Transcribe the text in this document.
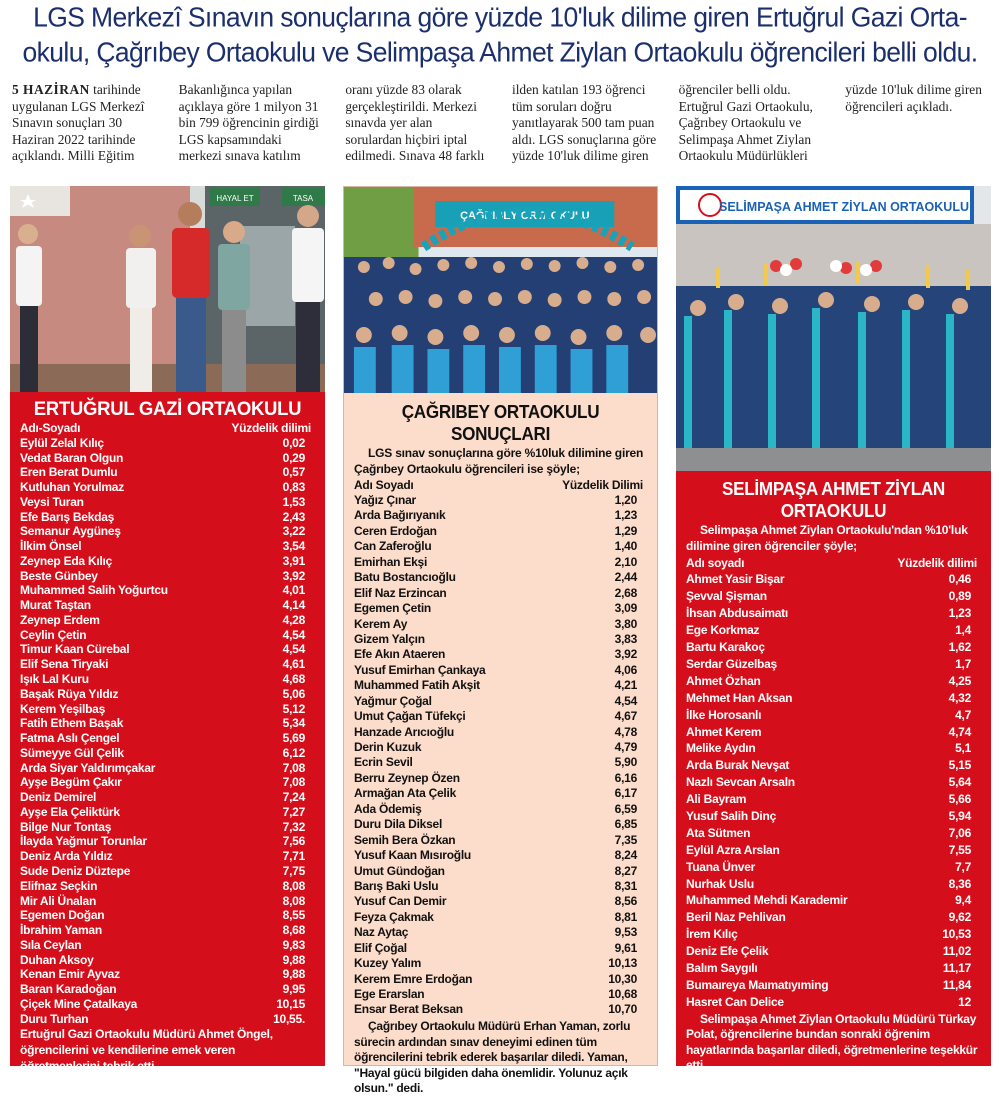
LGS Merkezî Sınavın sonuçlarına göre yüzde 10'luk dilime giren Ertuğrul Gazi Orta-okulu, Çağrıbey Ortaokulu ve Selimpaşa Ahmet Ziylan Ortaokulu öğrencileri belli oldu.
5 HAZİRAN tarihinde uygulanan LGS Merkezî Sınavın sonuçları 30 Haziran 2022 tarihinde açıklandı. Milli Eğitim Bakanlığınca yapılan açıklaya göre 1 milyon 31 bin 799 öğrencinin girdiği LGS kapsamındaki merkezi sınava katılım oranı yüzde 83 olarak gerçekleştirildi. Merkezi sınavda yer alan sorulardan hiçbiri iptal edilmedi. Sınava 48 farklı ilden katılan 193 öğrenci tüm soruları doğru yanıtlayarak 500 tam puan aldı. LGS sonuçlarına göre yüzde 10'luk dilime giren öğrenciler belli oldu. Ertuğrul Gazi Ortaokulu, Çağrıbey Ortaokulu ve Selimpaşa Ahmet Ziylan Ortaokulu Müdürlükleri yüzde 10'luk dilime giren öğrencileri açıkladı.
HAYAL ET	TASA
ERTUĞRUL GAZİ ORTAOKULU
Adı-Soyadı	Yüzdelik dilimi
Eylül Zelal Kılıç	0,02
Vedat Baran Olgun	0,29
Eren Berat Dumlu	0,57
Kutluhan Yorulmaz	0,83
Veysi Turan	1,53
Efe Barış Bekdaş	2,43
Semanur Aygüneş	3,22
İlkim Önsel	3,54
Zeynep Eda Kılıç	3,91
Beste Günbey	3,92
Muhammed Salih Yoğurtcu	4,01
Murat Taştan	4,14
Zeynep Erdem	4,28
Ceylin Çetin	4,54
Timur Kaan Cürebal	4,54
Elif Sena Tiryaki	4,61
Işık Lal Kuru	4,68
Başak Rüya Yıldız	5,06
Kerem Yeşilbaş	5,12
Fatih Ethem Başak	5,34
Fatma Aslı Çengel	5,69
Sümeyye Gül Çelik	6,12
Arda Siyar Yaldırımçakar	7,08
Ayşe Begüm Çakır	7,08
Deniz Demirel	7,24
Ayşe Ela Çeliktürk	7,27
Bilge Nur Tontaş	7,32
İlayda Yağmur Torunlar	7,56
Deniz Arda Yıldız	7,71
Sude Deniz Düztepe	7,75
Elifnaz Seçkin	8,08
Mir Ali Ünalan	8,08
Egemen Doğan	8,55
İbrahim Yaman	8,68
Sıla Ceylan	9,83
Duhan Aksoy	9,88
Kenan Emir Ayvaz	9,88
Baran Karadoğan	9,95
Çiçek Mine Çatalkaya	10,15
Duru Turhan	10,55.
Ertuğrul Gazi Ortaokulu Müdürü Ahmet Öngel, öğrencilerini ve kendilerine emek veren öğretmenlerini tebrik etti.
ÇAĞRIBEY ORTAOKULU
ÇAĞRIBEY ORTAOKULU SONUÇLARI
LGS sınav sonuçlarına göre %10luk dilimine giren Çağrıbey Ortaokulu öğrencileri ise şöyle;
Adı Soyadı	Yüzdelik Dilimi
Yağız Çınar	1,20
Arda Bağırıyanık	1,23
Ceren Erdoğan	1,29
Can Zaferoğlu	1,40
Emirhan Ekşi	2,10
Batu Bostancıoğlu	2,44
Elif Naz Erzincan	2,68
Egemen Çetin	3,09
Kerem Ay	3,80
Gizem Yalçın	3,83
Efe Akın Ataeren	3,92
Yusuf Emirhan Çankaya	4,06
Muhammed Fatih Akşit	4,21
Yağmur Çoğal	4,54
Umut Çağan Tüfekçi	4,67
Hanzade Arıcıoğlu	4,78
Derin Kuzuk	4,79
Ecrin Sevil	5,90
Berru Zeynep Özen	6,16
Armağan Ata Çelik	6,17
Ada Ödemiş	6,59
Duru Dila Diksel	6,85
Semih Bera Özkan	7,35
Yusuf Kaan Mısıroğlu	8,24
Umut Gündoğan	8,27
Barış Baki Uslu	8,31
Yusuf Can Demir	8,56
Feyza Çakmak	8,81
Naz Aytaç	9,53
Elif Çoğal	9,61
Kuzey Yalım	10,13
Kerem Emre Erdoğan	10,30
Ege Erarslan	10,68
Ensar Berat Beksan	10,70
Çağrıbey Ortaokulu Müdürü Erhan Yaman, zorlu sürecin ardından sınav deneyimi edinen tüm öğrencilerini tebrik ederek başarılar diledi. Yaman, "Hayal gücü bilgiden daha önemlidir. Yolunuz açık olsun." dedi.
SELİMPAŞA AHMET ZİYLAN ORTAOKULU
SELİMPAŞA AHMET ZİYLAN ORTAOKULU
Selimpaşa Ahmet Ziylan Ortaokulu'ndan %10'luk dilimine giren öğrenciler şöyle;
Adı soyadı	Yüzdelik dilimi
Ahmet Yasir Bişar	0,46
Şevval Şişman	0,89
İhsan Abdusaimatı	1,23
Ege Korkmaz	1,4
Bartu Karakoç	1,62
Serdar Güzelbaş	1,7
Ahmet Özhan	4,25
Mehmet Han Aksan	4,32
İlke Horosanlı	4,7
Ahmet Kerem	4,74
Melike Aydın	5,1
Arda Burak Nevşat	5,15
Nazlı Sevcan Arsaln	5,64
Ali Bayram	5,66
Yusuf Salih Dinç	5,94
Ata Sütmen	7,06
Eylül Azra Arslan	7,55
Tuana Ünver	7,7
Nurhak Uslu	8,36
Muhammed Mehdi Karademir	9,4
Beril Naz Pehlivan	9,62
İrem Kılıç	10,53
Deniz Efe Çelik	11,02
Balım Saygılı	11,17
Bumaıreya Maımatıyıming	11,84
Hasret Can Delice	12
Selimpaşa Ahmet Ziylan Ortaokulu Müdürü Türkay Polat, öğrencilerine bundan sonraki öğrenim hayatlarında başarılar diledi, öğretmenlerine teşekkür etti.
Renginar SALİ
